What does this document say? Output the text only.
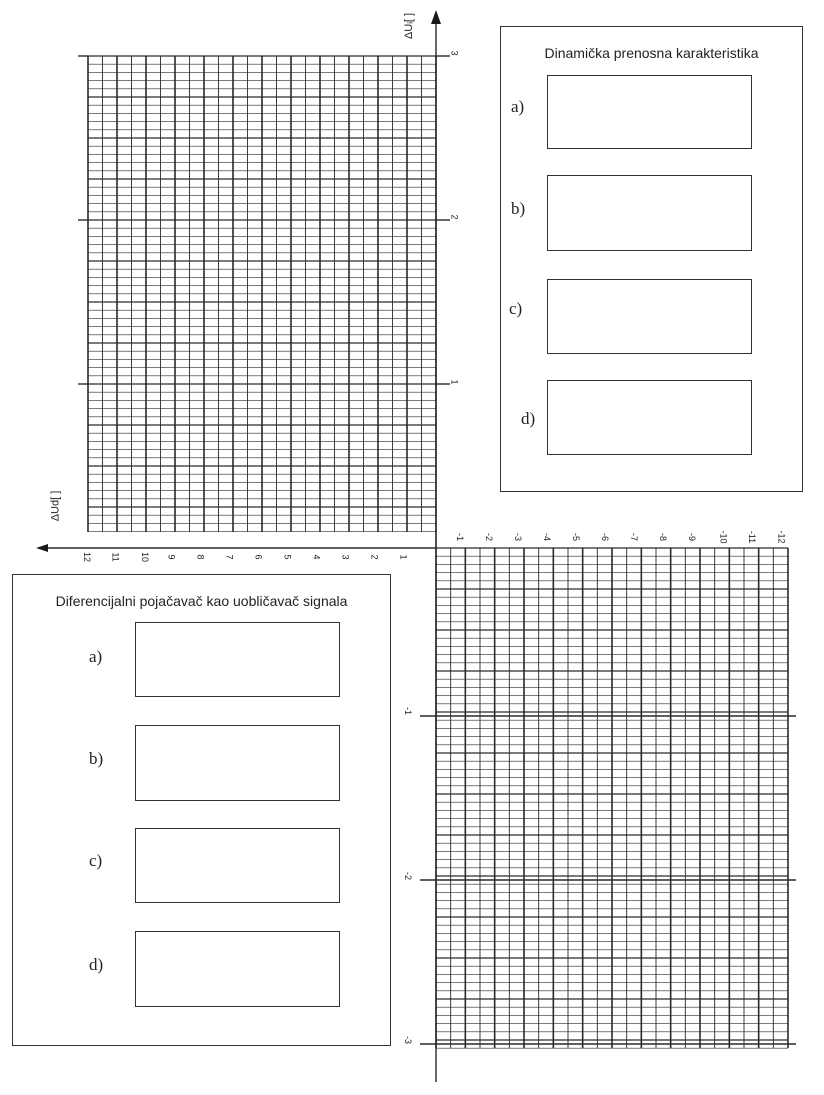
3
2
1
12 11 10 9 8 7 6 5 4 3 2 1
-1 -2 -3 -4 -5 -6 -7 -8 -9 -10 -11 -12
ΔUᵢ[ ]
ΔUd[ ]
-1
-2
-3
Dinamička prenosna karakteristika
a)
b)
c)
d)
Diferencijalni pojačavač kao uobličavač signala
a)
b)
c)
d)
